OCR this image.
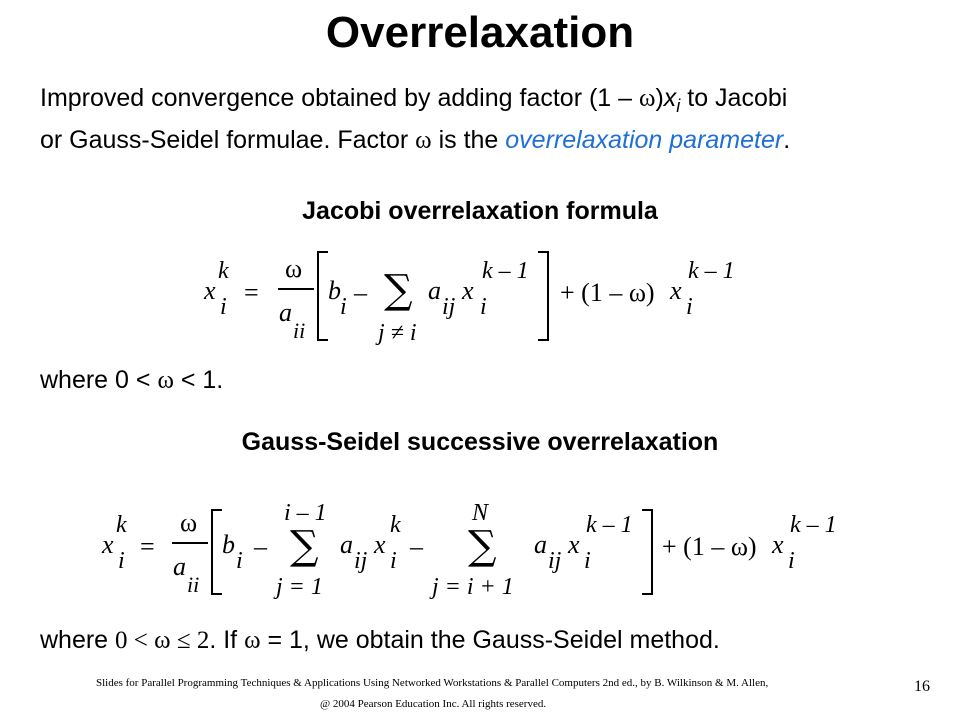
Overrelaxation
Improved convergence obtained by adding factor $(1 - \omega)x_i$ to Jacobi
or Gauss-Seidel formulae. Factor ω is the overrelaxation parameter.
Jacobi overrelaxation formula
x
k
i =
ω
a
ii
b
i – ∑
j ≠ i
a
ij
x
k – 1
i	+ (1 – ω) x
k – 1
i
where 0 < ω < 1.
Gauss-Seidel successive overrelaxation
x
k
i =
ω
a
ii
b
i –
i – 1
∑
j = 1
a
ij
x
k
i –
N
∑
j = i + 1
a
ij
x
k – 1
i	+ (1 – ω) x
k – 1
i
where 0 < ω ≤ 2. If ω = 1, we obtain the Gauss-Seidel method.
Slides for Parallel Programming Techniques & Applications Using Networked Workstations & Parallel Computers 2nd ed., by B. Wilkinson & M. Allen,
@ 2004 Pearson Education Inc. All rights reserved.
16
